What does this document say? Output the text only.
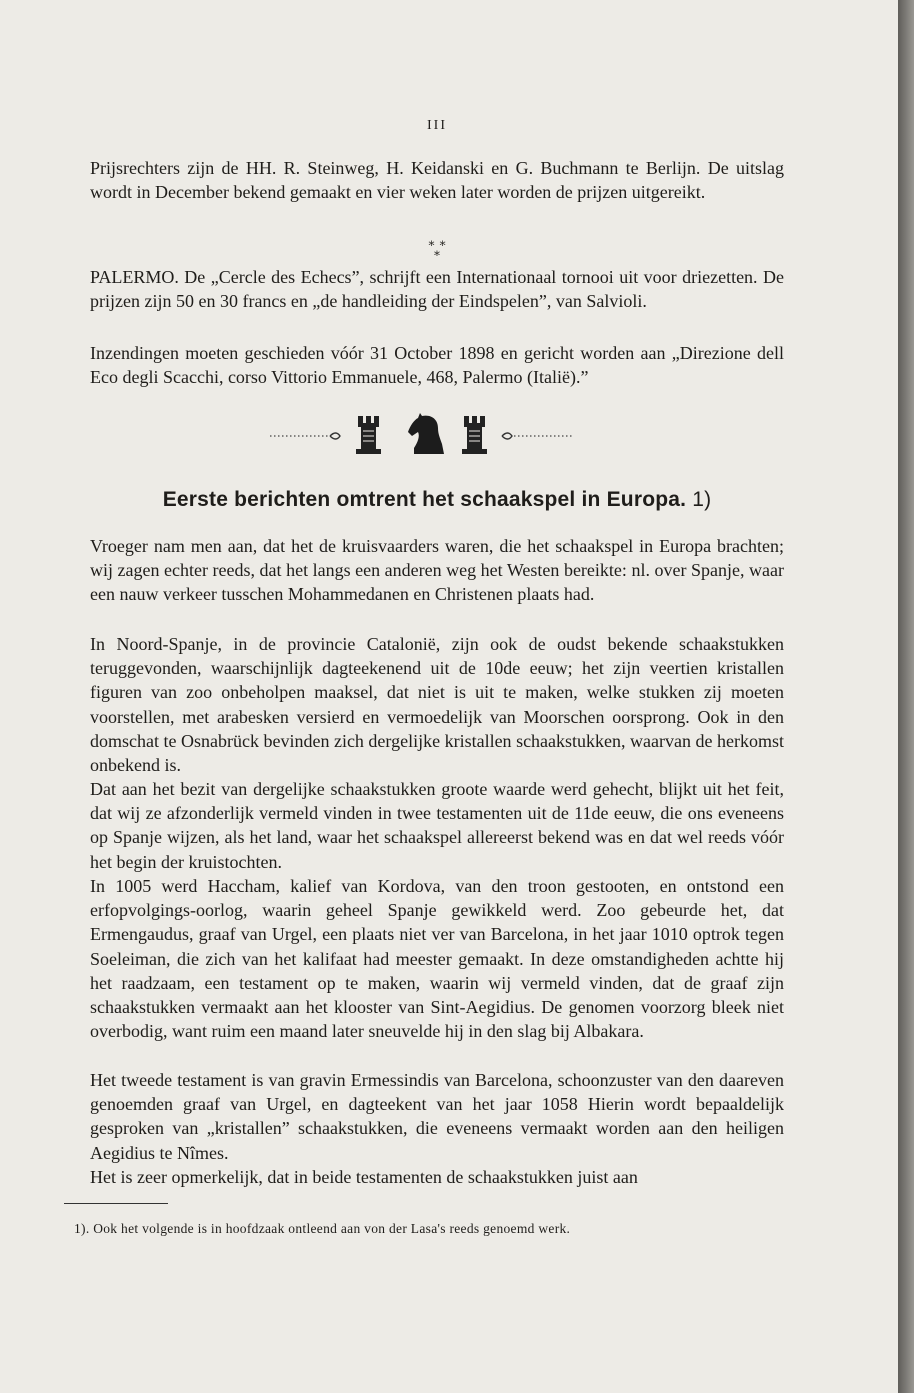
III
Prijsrechters zijn de HH. R. Steinweg, H. Keidanski en G. Buchmann te Berlijn. De uitslag wordt in December bekend gemaakt en vier weken later worden de prijzen uitgereikt.
∗ ∗
∗
PALERMO. De „Cercle des Echecs”, schrijft een Internationaal tornooi uit voor driezetten. De prijzen zijn 50 en 30 francs en „de handleiding der Eindspelen”, van Salvioli.
Inzendingen moeten geschieden vóór 31 October 1898 en gericht worden aan „Direzione dell Eco degli Scacchi, corso Vittorio Emmanuele, 468, Palermo (Italië).”
Eerste berichten omtrent het schaakspel in Europa. 1)
Vroeger nam men aan, dat het de kruisvaarders waren, die het schaakspel in Europa brachten; wij zagen echter reeds, dat het langs een anderen weg het Westen bereikte: nl. over Spanje, waar een nauw verkeer tusschen Mohammedanen en Christenen plaats had.
In Noord-Spanje, in de provincie Catalonië, zijn ook de oudst bekende schaakstukken teruggevonden, waarschijnlijk dagteekenend uit de 10de eeuw; het zijn veertien kristallen figuren van zoo onbeholpen maaksel, dat niet is uit te maken, welke stukken zij moeten voorstellen, met arabesken versierd en vermoedelijk van Moorschen oorsprong. Ook in den domschat te Osnabrück bevinden zich dergelijke kristallen schaakstukken, waarvan de herkomst onbekend is.
Dat aan het bezit van dergelijke schaakstukken groote waarde werd gehecht, blijkt uit het feit, dat wij ze afzonderlijk vermeld vinden in twee testamenten uit de 11de eeuw, die ons eveneens op Spanje wijzen, als het land, waar het schaakspel allereerst bekend was en dat wel reeds vóór het begin der kruistochten.
In 1005 werd Haccham, kalief van Kordova, van den troon gestooten, en ontstond een erfopvolgings-oorlog, waarin geheel Spanje gewikkeld werd. Zoo gebeurde het, dat Ermengaudus, graaf van Urgel, een plaats niet ver van Barcelona, in het jaar 1010 optrok tegen Soeleiman, die zich van het kalifaat had meester gemaakt. In deze omstandigheden achtte hij het raadzaam, een testament op te maken, waarin wij vermeld vinden, dat de graaf zijn schaakstukken vermaakt aan het klooster van Sint-Aegidius. De genomen voorzorg bleek niet overbodig, want ruim een maand later sneuvelde hij in den slag bij Albakara.
Het tweede testament is van gravin Ermessindis van Barcelona, schoonzuster van den daareven genoemden graaf van Urgel, en dagteekent van het jaar 1058 Hierin wordt bepaaldelijk gesproken van „kristallen” schaakstukken, die eveneens vermaakt worden aan den heiligen Aegidius te Nîmes.
Het is zeer opmerkelijk, dat in beide testamenten de schaakstukken juist aan
1). Ook het volgende is in hoofdzaak ontleend aan von der Lasa's reeds genoemd werk.
